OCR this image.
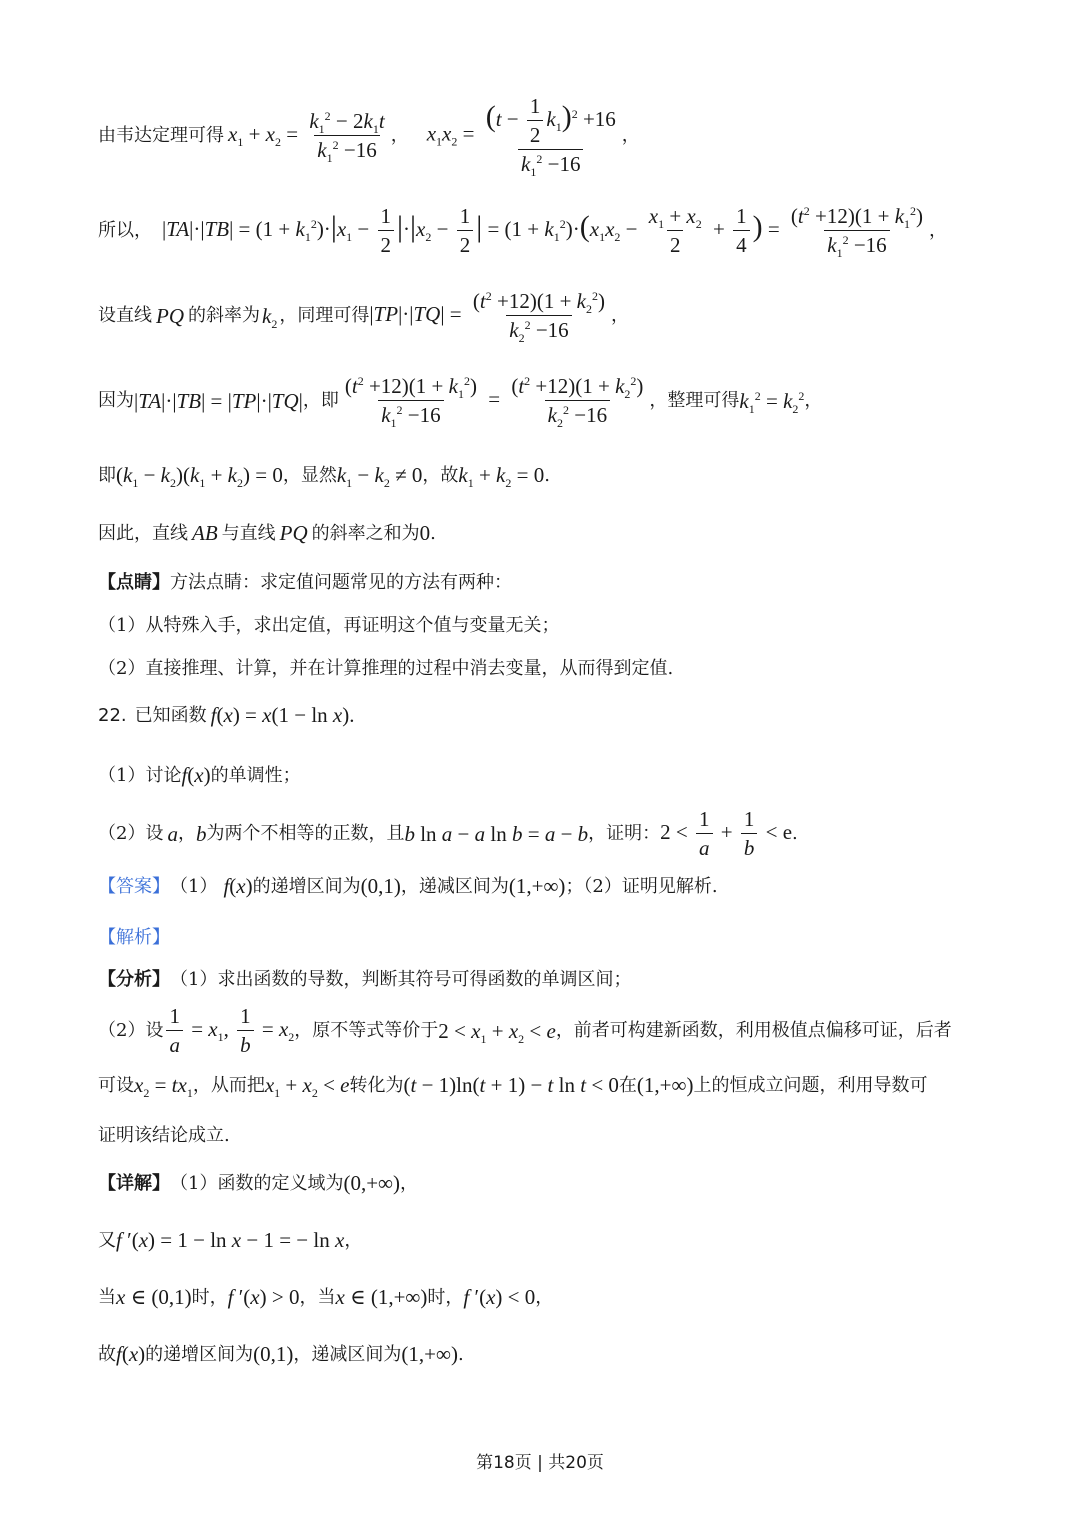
由韦达定理可得 $x_1 + x_2 = \frac{k_1^2 - 2k_1t}{k_1^2 -16}$ ， $x_1x_2 = \frac{(t - \frac{1}{2} k_1)^2 +16}{k_1^2 -16}$ ，
所以， $|TA|\cdot|TB| = (1 + k_1^2)\cdot|x_1 - \frac{1}{2} |\cdot|x_2 - \frac{1}{2}$ | = $(1 + k_1^2)\cdot(x_1x_2 - \frac{x_1 + x_2}{2} + \frac{1}{4}$ ) = $\frac{(t^2 +12)(1 + k_1^2)}{k_1^2 -16}$ ，
设直线 PQ 的斜率为 $k_2$ ，同理可得 $|TP|\cdot|TQ| = \frac{(t^2 +12)(1 + k_2^2)}{k_2^2 -16}$ ，
因为 |TA|·|TB| = |TP|·|TQ| ，即 $\frac{(t^2 +12)(1 + k_1^2)}{k_1^2 -16} = \frac{(t^2 +12)(1 + k_2^2)}{k_2^2 -16}$ ，整理可得 $k_1^2 = k_2^2$ ，
即 $(k_1 - k_2)(k_1 + k_2) = 0$ ，显然 $k_1 - k_2 \ne 0$ ，故 $k_1 + k_2 = 0$ .
因此，直线 AB 与直线 PQ 的斜率之和为 0 .
【点睛】 方法点睛：求定值问题常见的方法有两种：
（1）从特殊入手，求出定值，再证明这个值与变量无关；
（2）直接推理、计算，并在计算推理的过程中消去变量，从而得到定值.
22. 已知函数 f(x) = x(1 − ln x).
（1）讨论 f(x) 的单调性；
（2）设 a ， b 为两个不相等的正数，且 b ln a − a ln b = a − b ，证明： $2 < \frac{1}{a} + \frac{1}{b} < e$ .
【答案】 （1） f(x) 的递增区间为 (0,1) ，递减区间为 (1,+∞) ；（2）证明见解析.
【解析】
【分析】 （1）求出函数的导数，判断其符号可得函数的单调区间；
（2）设 $\frac{1}{a} = x_1$, $\frac{1}{b} = x_2$ ，原不等式等价于 $2 < x_1 + x_2 < e$ ，前者可构建新函数，利用极值点偏移可证，后者
可设 $x_2 = tx_1$ ，从而把 $x_1 + x_2 < e$ 转化为 (t − 1)ln(t + 1) − t ln t < 0 在 (1,+∞) 上的恒成立问题，利用导数可
证明该结论成立.
【详解】 （1）函数的定义域为 (0,+∞) ，
又 f ′(x) = 1 − ln x − 1 = − ln x ，
当 x ∈ (0,1) 时， f ′(x) > 0 ，当 x ∈ (1,+∞) 时， f ′(x) < 0 ，
故 f(x) 的递增区间为 (0,1) ，递减区间为 (1,+∞) .
第18页 | 共20页
